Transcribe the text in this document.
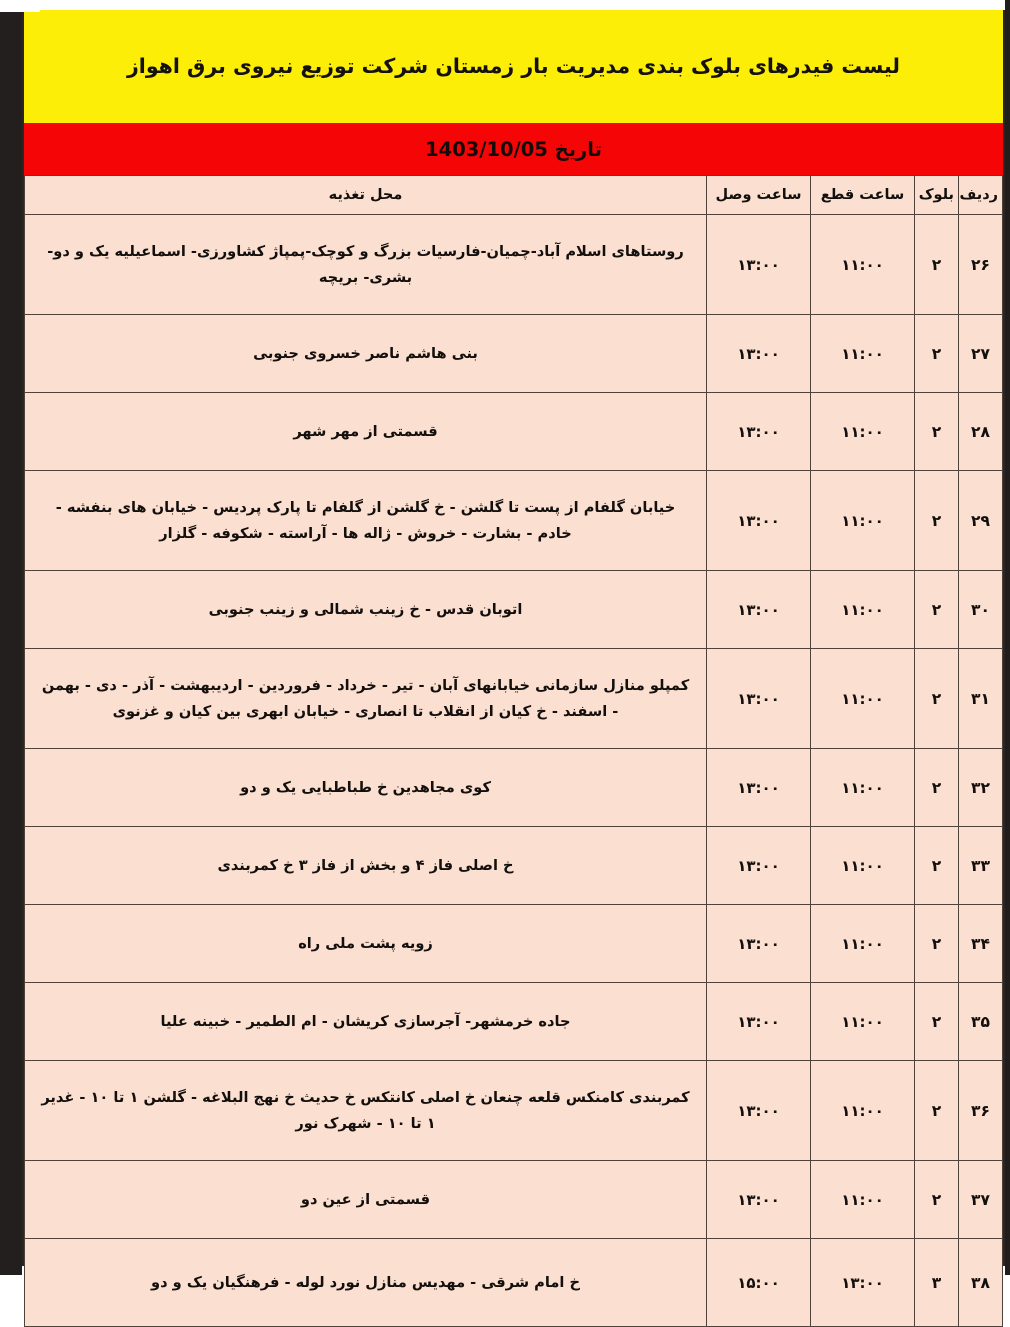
لیست فیدرهای بلوک بندی مدیریت بار زمستان شرکت توزیع نیروی برق اهواز
تاریخ 1403/10/05
ردیف	بلوک	ساعت قطع	ساعت وصل	محل تغذیه
۲۶	۲	۱۱:۰۰	۱۳:۰۰	روستاهای اسلام آباد-چمیان-فارسیات بزرگ و کوچک-پمپاژ کشاورزی- اسماعیلیه یک و دو- بشری- بریچه
۲۷	۲	۱۱:۰۰	۱۳:۰۰	بنی هاشم ناصر خسروی جنوبی
۲۸	۲	۱۱:۰۰	۱۳:۰۰	قسمتی از مهر شهر
۲۹	۲	۱۱:۰۰	۱۳:۰۰	خیابان گلفام از پست تا گلشن - خ گلشن از گلفام تا پارک پردیس - خیابان های بنفشه - خادم - بشارت - خروش - ژاله ها - آراسته - شکوفه - گلزار
۳۰	۲	۱۱:۰۰	۱۳:۰۰	اتوبان قدس - خ زینب شمالی و زینب جنوبی
۳۱	۲	۱۱:۰۰	۱۳:۰۰	کمپلو منازل سازمانی خیابانهای آبان - تیر - خرداد - فروردین - اردیبهشت - آذر - دی - بهمن - اسفند - خ کیان از انقلاب تا انصاری - خیابان ابهری بین کیان و غزنوی
۳۲	۲	۱۱:۰۰	۱۳:۰۰	کوی مجاهدین خ طباطبایی یک و دو
۳۳	۲	۱۱:۰۰	۱۳:۰۰	خ اصلی فاز ۴ و بخش از فاز ۳ خ کمربندی
۳۴	۲	۱۱:۰۰	۱۳:۰۰	زویه پشت ملی راه
۳۵	۲	۱۱:۰۰	۱۳:۰۰	جاده خرمشهر- آجرسازی کریشان - ام الطمیر - خبینه علیا
۳۶	۲	۱۱:۰۰	۱۳:۰۰	کمربندی کامنکس قلعه چنعان خ اصلی کانتکس خ حدیث خ نهج البلاغه - گلشن ۱ تا ۱۰ - غدیر ۱ تا ۱۰ - شهرک نور
۳۷	۲	۱۱:۰۰	۱۳:۰۰	قسمتی از عین دو
۳۸	۳	۱۳:۰۰	۱۵:۰۰	خ امام شرقی - مهدیس منازل نورد لوله - فرهنگیان یک و دو
